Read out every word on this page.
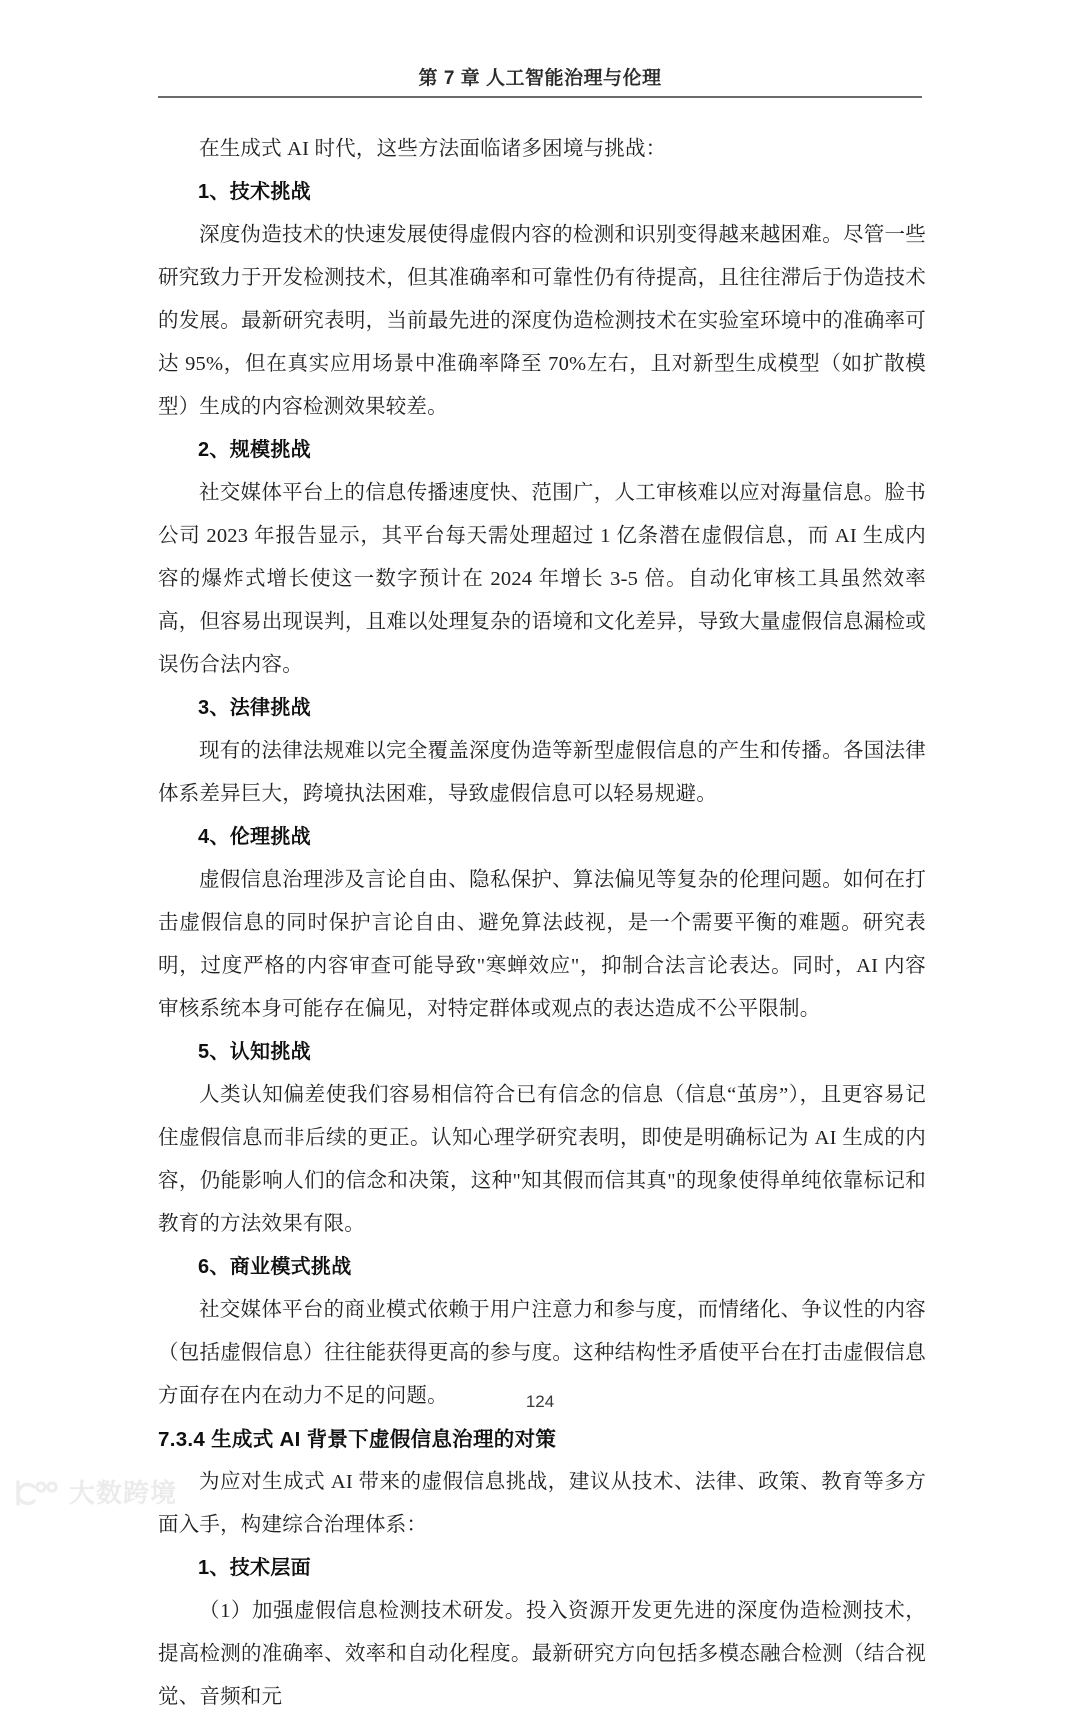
第 7 章 人工智能治理与伦理

在生成式 AI 时代，这些方法面临诸多困境与挑战：

1、技术挑战

深度伪造技术的快速发展使得虚假内容的检测和识别变得越来越困难。尽管一些研究致力于开发检测技术，但其准确率和可靠性仍有待提高，且往往滞后于伪造技术的发展。最新研究表明，当前最先进的深度伪造检测技术在实验室环境中的准确率可达 95%，但在真实应用场景中准确率降至 70%左右，且对新型生成模型（如扩散模型）生成的内容检测效果较差。

2、规模挑战

社交媒体平台上的信息传播速度快、范围广，人工审核难以应对海量信息。脸书公司 2023 年报告显示，其平台每天需处理超过 1 亿条潜在虚假信息，而 AI 生成内容的爆炸式增长使这一数字预计在 2024 年增长 3-5 倍。自动化审核工具虽然效率高，但容易出现误判，且难以处理复杂的语境和文化差异，导致大量虚假信息漏检或误伤合法内容。

3、法律挑战

现有的法律法规难以完全覆盖深度伪造等新型虚假信息的产生和传播。各国法律体系差异巨大，跨境执法困难，导致虚假信息可以轻易规避。

4、伦理挑战

虚假信息治理涉及言论自由、隐私保护、算法偏见等复杂的伦理问题。如何在打击虚假信息的同时保护言论自由、避免算法歧视，是一个需要平衡的难题。研究表明，过度严格的内容审查可能导致"寒蝉效应"，抑制合法言论表达。同时，AI 内容审核系统本身可能存在偏见，对特定群体或观点的表达造成不公平限制。

5、认知挑战

人类认知偏差使我们容易相信符合已有信念的信息（信息“茧房”），且更容易记住虚假信息而非后续的更正。认知心理学研究表明，即使是明确标记为 AI 生成的内容，仍能影响人们的信念和决策，这种"知其假而信其真"的现象使得单纯依靠标记和教育的方法效果有限。

6、商业模式挑战

社交媒体平台的商业模式依赖于用户注意力和参与度，而情绪化、争议性的内容（包括虚假信息）往往能获得更高的参与度。这种结构性矛盾使平台在打击虚假信息方面存在内在动力不足的问题。

7.3.4 生成式 AI 背景下虚假信息治理的对策

为应对生成式 AI 带来的虚假信息挑战，建议从技术、法律、政策、教育等多方面入手，构建综合治理体系：

1、技术层面

（1）加强虚假信息检测技术研发。投入资源开发更先进的深度伪造检测技术，提高检测的准确率、效率和自动化程度。最新研究方向包括多模态融合检测（结合视觉、音频和元

124
大数跨境
